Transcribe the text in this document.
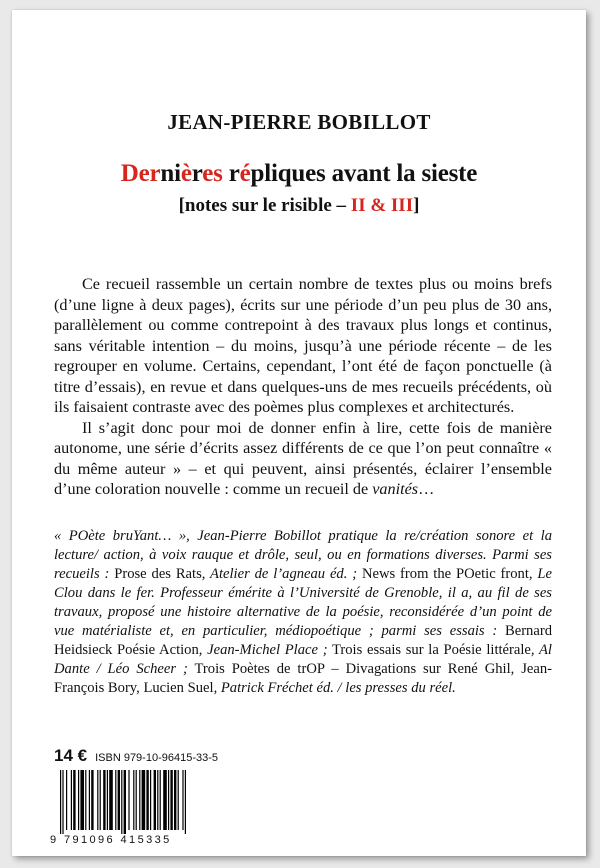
JEAN-PIERRE BOBILLOT
Dernières répliques avant la sieste
[notes sur le risible – II & III]

Ce recueil rassemble un certain nombre de textes plus ou moins brefs (d’une ligne à deux pages), écrits sur une période d’un peu plus de 30 ans, parallèlement ou comme contrepoint à des travaux plus longs et continus, sans véritable intention – du moins, jusqu’à une période récente – de les regrouper en volume. Certains, cependant, l’ont été de façon ponctuelle (à titre d’essais), en revue et dans quelques-uns de mes recueils précédents, où ils faisaient contraste avec des poèmes plus complexes et architecturés.

Il s’agit donc pour moi de donner enfin à lire, cette fois de manière autonome, une série d’écrits assez différents de ce que l’on peut connaître « du même auteur » – et qui peuvent, ainsi présentés, éclairer l’ensemble d’une coloration nouvelle : comme un recueil de vanités…

« POète bruYant… », Jean-Pierre Bobillot pratique la re/création sonore et la lecture/ action, à voix rauque et drôle, seul, ou en formations diverses. Parmi ses recueils : Prose des Rats, Atelier de l’agneau éd. ; News from the POetic front, Le Clou dans le fer. Professeur émérite à l’Université de Grenoble, il a, au fil de ses travaux, proposé une histoire alternative de la poésie, reconsidérée d’un point de vue matérialiste et, en particulier, médiopoétique ; parmi ses essais : Bernard Heidsieck Poésie Action, Jean-Michel Place ; Trois essais sur la Poésie littérale, Al Dante / Léo Scheer ; Trois Poètes de trOP – Divagations sur René Ghil, Jean-François Bory, Lucien Suel, Patrick Fréchet éd. / les presses du réel.

14 € ISBN 979-10-96415-33-5
9 791096 415335
